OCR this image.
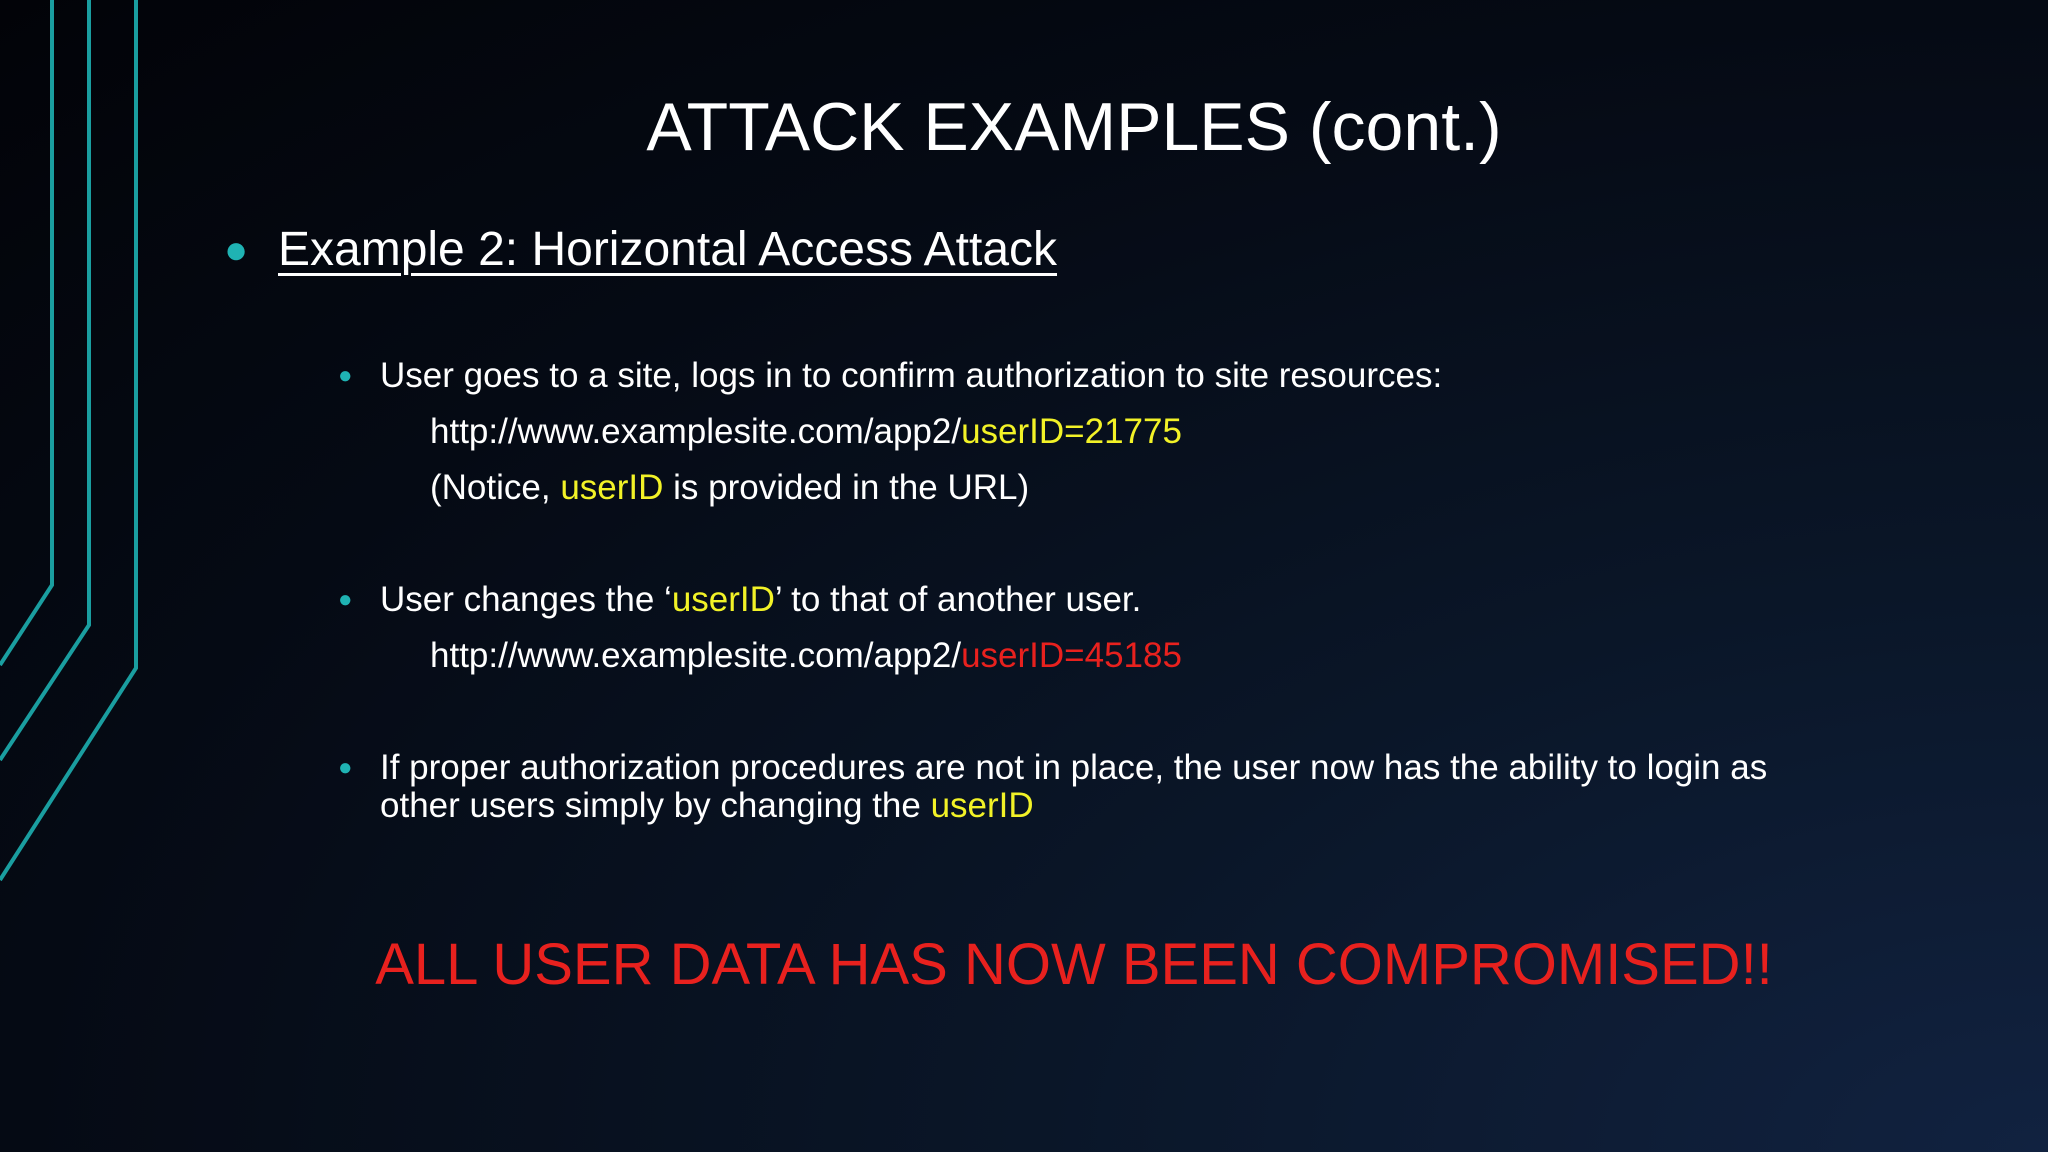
ATTACK EXAMPLES (cont.)
● Example 2: Horizontal Access Attack
● User goes to a site, logs in to confirm authorization to site resources:
http://www.examplesite.com/app2/userID=21775
(Notice, userID is provided in the URL)
● User changes the ‘userID’ to that of another user.
http://www.examplesite.com/app2/userID=45185
● If proper authorization procedures are not in place, the user now has the ability to login as
other users simply by changing the userID
ALL USER DATA HAS NOW BEEN COMPROMISED!!
